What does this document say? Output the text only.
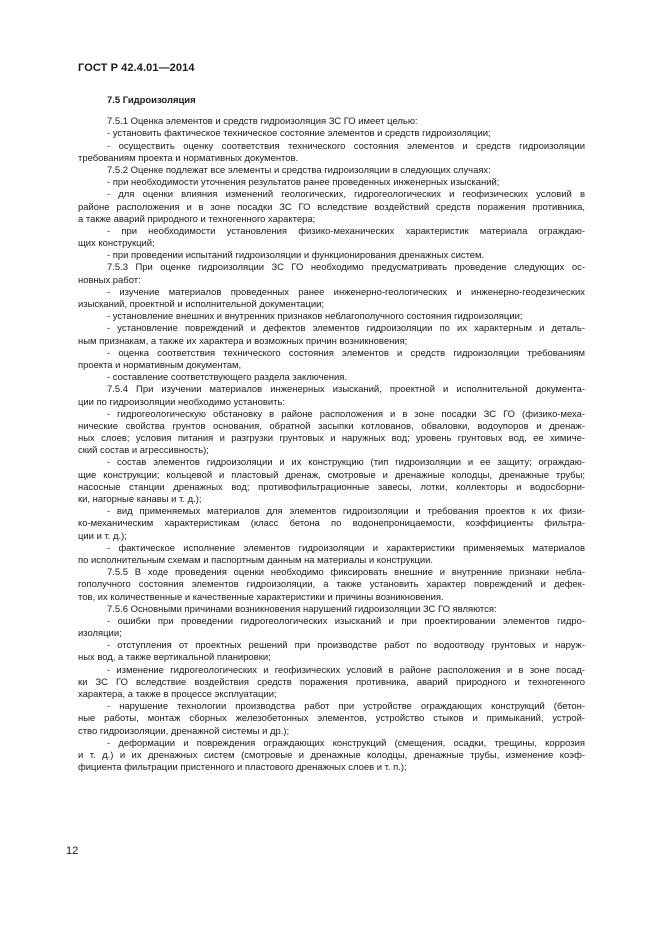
ГОСТ Р 42.4.01—2014
7.5 Гидроизоляция
7.5.1 Оценка элементов и средств гидроизоляция ЗС ГО имеет целью:
- установить фактическое техническое состояние элементов и средств гидроизоляции;
- осуществить оценку соответствия технического состояния элементов и средств гидроизоляции
требованиям проекта и нормативных документов.
7.5.2 Оценке подлежат все элементы и средства гидроизоляции в следующих случаях:
- при необходимости уточнения результатов ранее проведенных инженерных изысканий;
- для оценки влияния изменений геологических, гидрогеологических и геофизических условий в
районе расположения и в зоне посадки ЗС ГО вследствие воздействий средств поражения противника,
а также аварий природного и техногенного характера;
- при необходимости установления физико-механических характеристик материала ограждаю-
щих конструкций;
- при проведении испытаний гидроизоляции и функционирования дренажных систем.
7.5.3 При оценке гидроизоляции ЗС ГО необходимо предусматривать проведение следующих ос-
новных работ:
- изучение материалов проведенных ранее инженерно-геологических и инженерно-геодезических
изысканий, проектной и исполнительной документации;
- установление внешних и внутренних признаков неблагополучного состояния гидроизоляции;
- установление повреждений и дефектов элементов гидроизоляции по их характерным и деталь-
ным признакам, а также их характера и возможных причин возникновения;
- оценка соответствия технического состояния элементов и средств гидроизоляции требованиям
проекта и нормативным документам,
- составление соответствующего раздела заключения.
7.5.4 При изучении материалов инженерных изысканий, проектной и исполнительной документа-
ции по гидроизоляции необходимо установить:
- гидрогеологическую обстановку в районе расположения и в зоне посадки ЗС ГО (физико-меха-
нические свойства грунтов основания, обратной засыпки котлованов, обваловки, водоупоров и дренаж-
ных слоев; условия питания и разгрузки грунтовых и наружных вод; уровень грунтовых вод, ее химиче-
ский состав и агрессивность);
- состав элементов гидроизоляции и их конструкцию (тип гидроизоляции и ее защиту; ограждаю-
щие конструкции; кольцевой и пластовый дренаж, смотровые и дренажные колодцы, дренажные трубы;
насосные станции дренажных вод; противофильтрационные завесы, лотки, коллекторы и водосборни-
ки, нагорные канавы и т. д.);
- вид применяемых материалов для элементов гидроизоляции и требования проектов к их физи-
ко-механическим характеристикам (класс бетона по водонепроницаемости, коэффициенты фильтра-
ции и т. д.);
- фактическое исполнение элементов гидроизоляции и характеристики применяемых материалов
по исполнительным схемам и паспортным данным на материалы и конструкции.
7.5.5 В ходе проведения оценки необходимо фиксировать внешние и внутренние признаки небла-
гополучного состояния элементов гидроизоляции, а также установить характер повреждений и дефек-
тов, их количественные и качественные характеристики и причины возникновения.
7.5.6 Основными причинами возникновения нарушений гидроизоляции ЗС ГО являются:
- ошибки при проведении гидрогеологических изысканий и при проектировании элементов гидро-
изоляции;
- отступления от проектных решений при производстве работ по водоотводу грунтовых и наруж-
ных вод, а также вертикальной планировки;
- изменение гидрогеологических и геофизических условий в районе расположения и в зоне посад-
ки ЗС ГО вследствие воздействия средств поражения противника, аварий природного и техногенного
характера, а также в процессе эксплуатации;
- нарушение технологии производства работ при устройстве ограждающих конструкций (бетон-
ные работы, монтаж сборных железобетонных элементов, устройство стыков и примыканий, устрой-
ство гидроизоляции, дренажной системы и др.);
- деформации и повреждения ограждающих конструкций (смещения, осадки, трещины, коррозия
и т. д.) и их дренажных систем (смотровые и дренажные колодцы, дренажные трубы, изменение коэф-
фициента фильтрации пристенного и пластового дренажных слоев и т. п.);
12
